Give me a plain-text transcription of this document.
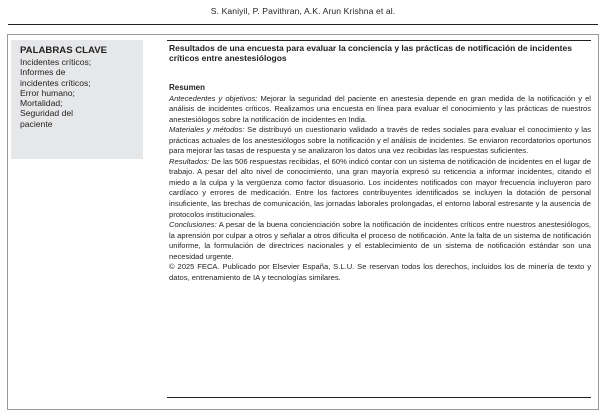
S. Kaniyil, P. Pavithran, A.K. Arun Krishna et al.
PALABRAS CLAVE
Incidentes críticos;
Informes de
incidentes críticos;
Error humano;
Mortalidad;
Seguridad del
paciente
Resultados de una encuesta para evaluar la conciencia y las prácticas de notificación de incidentes críticos entre anestesiólogos
Resumen
Antecedentes y objetivos: Mejorar la seguridad del paciente en anestesia depende en gran medida de la notificación y el análisis de incidentes críticos. Realizamos una encuesta en línea para evaluar el conocimiento y las prácticas de nuestros anestesiólogos sobre la notificación de incidentes en India.
Materiales y métodos: Se distribuyó un cuestionario validado a través de redes sociales para evaluar el conocimiento y las prácticas actuales de los anestesiólogos sobre la notificación y el análisis de incidentes. Se enviaron recordatorios oportunos para mejorar las tasas de respuesta y se analizaron los datos una vez recibidas las respuestas suficientes.
Resultados: De las 506 respuestas recibidas, el 60% indicó contar con un sistema de notificación de incidentes en el lugar de trabajo. A pesar del alto nivel de conocimiento, una gran mayoría expresó su reticencia a informar incidentes, citando el miedo a la culpa y la vergüenza como factor disuasorio. Los incidentes notificados con mayor frecuencia incluyeron paro cardíaco y errores de medicación. Entre los factores contribuyentes identificados se incluyen la dotación de personal insuficiente, las brechas de comunicación, las jornadas laborales prolongadas, el entorno laboral estresante y la ausencia de protocolos institucionales.
Conclusiones: A pesar de la buena concienciación sobre la notificación de incidentes críticos entre nuestros anestesiólogos, la aprensión por culpar a otros y señalar a otros dificulta el proceso de notificación. Ante la falta de un sistema de notificación uniforme, la formulación de directrices nacionales y el establecimiento de un sistema de notificación estándar son una necesidad urgente.
© 2025 FECA. Publicado por Elsevier España, S.L.U. Se reservan todos los derechos, incluidos los de minería de texto y datos, entrenamiento de IA y tecnologías similares.
